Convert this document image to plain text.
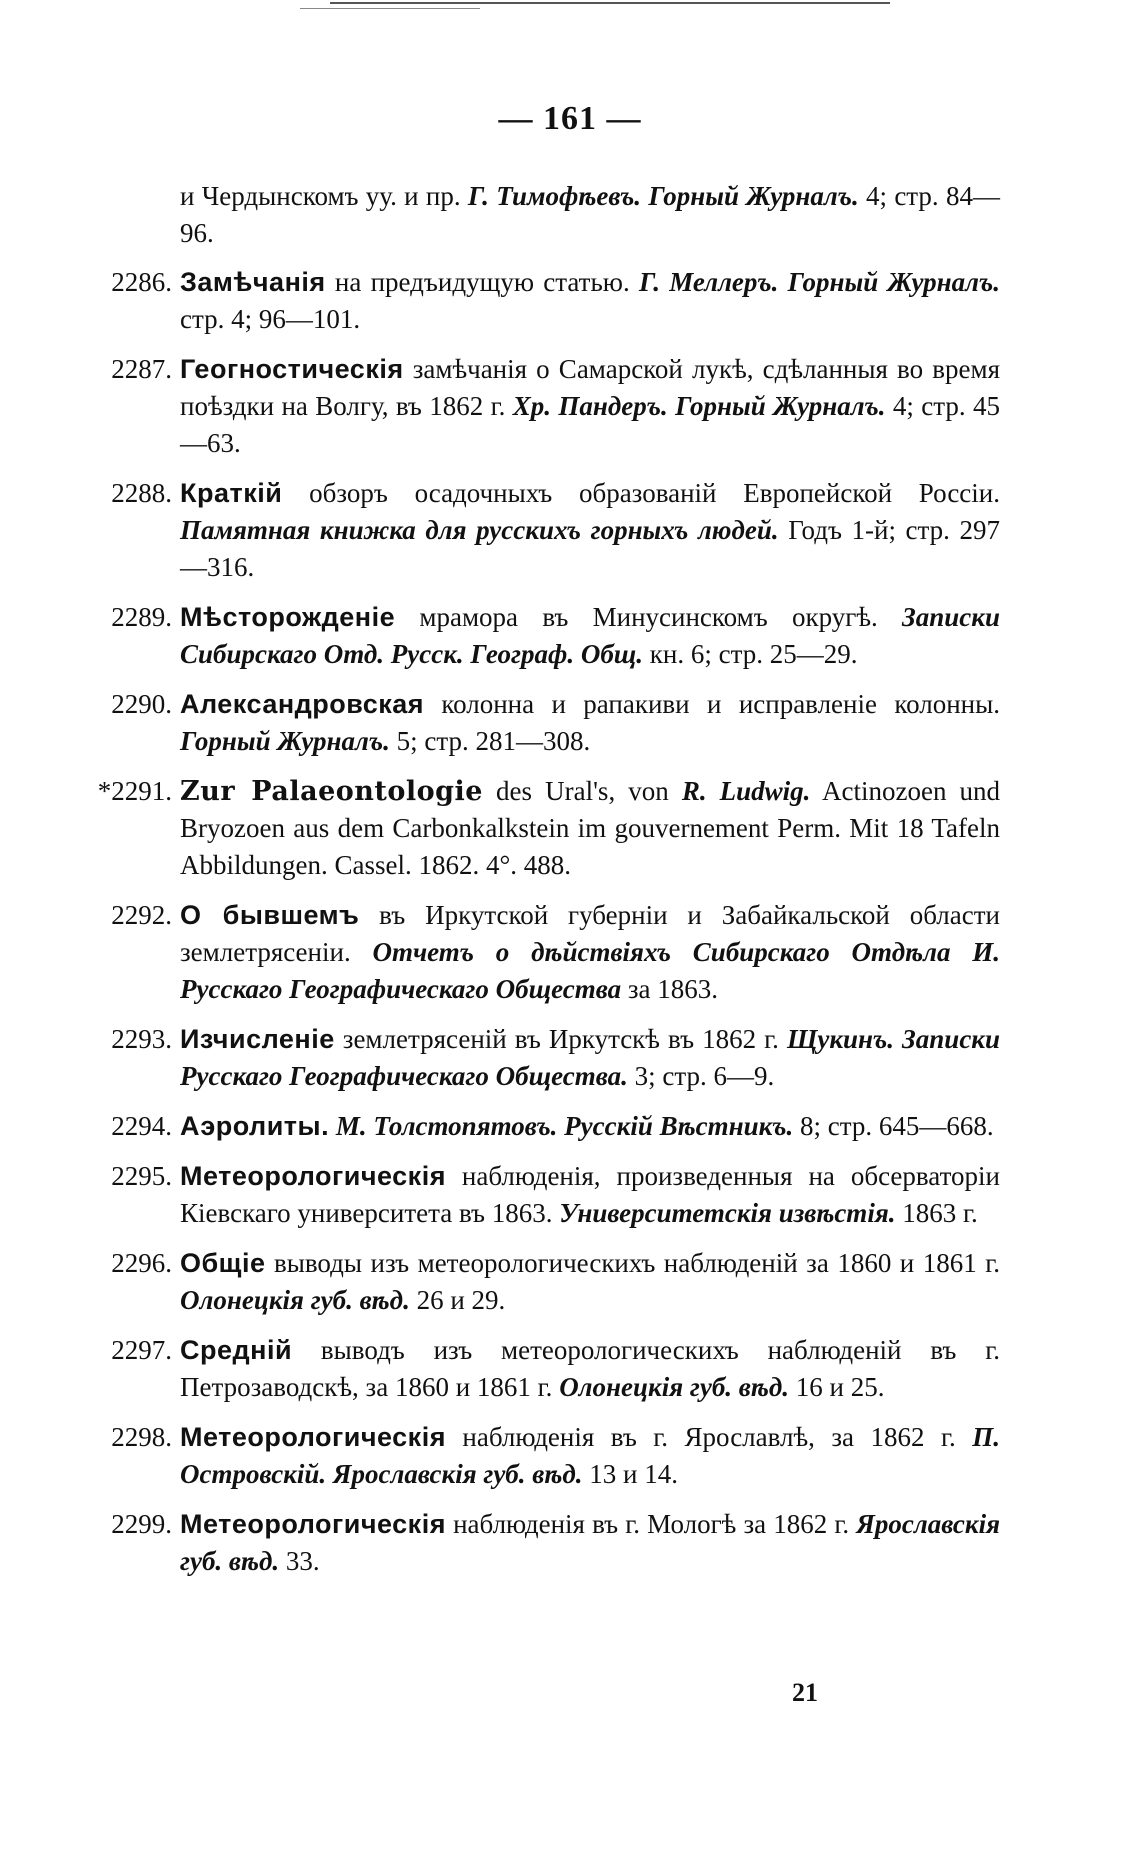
— 161 —
и Чердынскомъ уу. и пр. Г. Тимофѣевъ. Горный Журналъ. 4; стр. 84—96.
2286. Замѣчанія на предъидущую статью. Г. Меллеръ. Горный Журналъ. стр. 4; 96—101.
2287. Геогностическія замѣчанія о Самарской лукѣ, сдѣланныя во время поѣздки на Волгу, въ 1862 г. Хр. Пандеръ. Горный Журналъ. 4; стр. 45—63.
2288. Краткій обзоръ осадочныхъ образованій Европейской Россіи. Памятная книжка для русскихъ горныхъ людей. Годъ 1-й; стр. 297—316.
2289. Мѣсторожденіе мрамора въ Минусинскомъ округѣ. Записки Сибирскаго Отд. Русск. Географ. Общ. кн. 6; стр. 25—29.
2290. Александровская колонна и рапакиви и исправленіе колонны. Горный Журналъ. 5; стр. 281—308.
*2291. Zur Palaeontologie des Ural's, von R. Ludwig. Actinozoen und Bryozoen aus dem Carbonkalkstein im gouvernement Perm. Mit 18 Tafeln Abbildungen. Cassel. 1862. 4°. 488.
2292. О бывшемъ въ Иркутской губерніи и Забайкальской области землетрясеніи. Отчетъ о дѣйствіяхъ Сибирскаго Отдѣла И. Русскаго Географическаго Общества за 1863.
2293. Изчисленіе землетрясеній въ Иркутскѣ въ 1862 г. Щукинъ. Записки Русскаго Географическаго Общества. 3; стр. 6—9.
2294. Аэролиты. М. Толстопятовъ. Русскій Вѣстникъ. 8; стр. 645—668.
2295. Метеорологическія наблюденія, произведенныя на обсерваторіи Кіевскаго университета въ 1863. Университетскія извѣстія. 1863 г.
2296. Общіе выводы изъ метеорологическихъ наблюденій за 1860 и 1861 г. Олонецкія губ. вѣд. 26 и 29.
2297. Средній выводъ изъ метеорологическихъ наблюденій въ г. Петрозаводскѣ, за 1860 и 1861 г. Олонецкія губ. вѣд. 16 и 25.
2298. Метеорологическія наблюденія въ г. Ярославлѣ, за 1862 г. П. Островскій. Ярославскія губ. вѣд. 13 и 14.
2299. Метеорологическія наблюденія въ г. Мологѣ за 1862 г. Ярославскія губ. вѣд. 33.
21
